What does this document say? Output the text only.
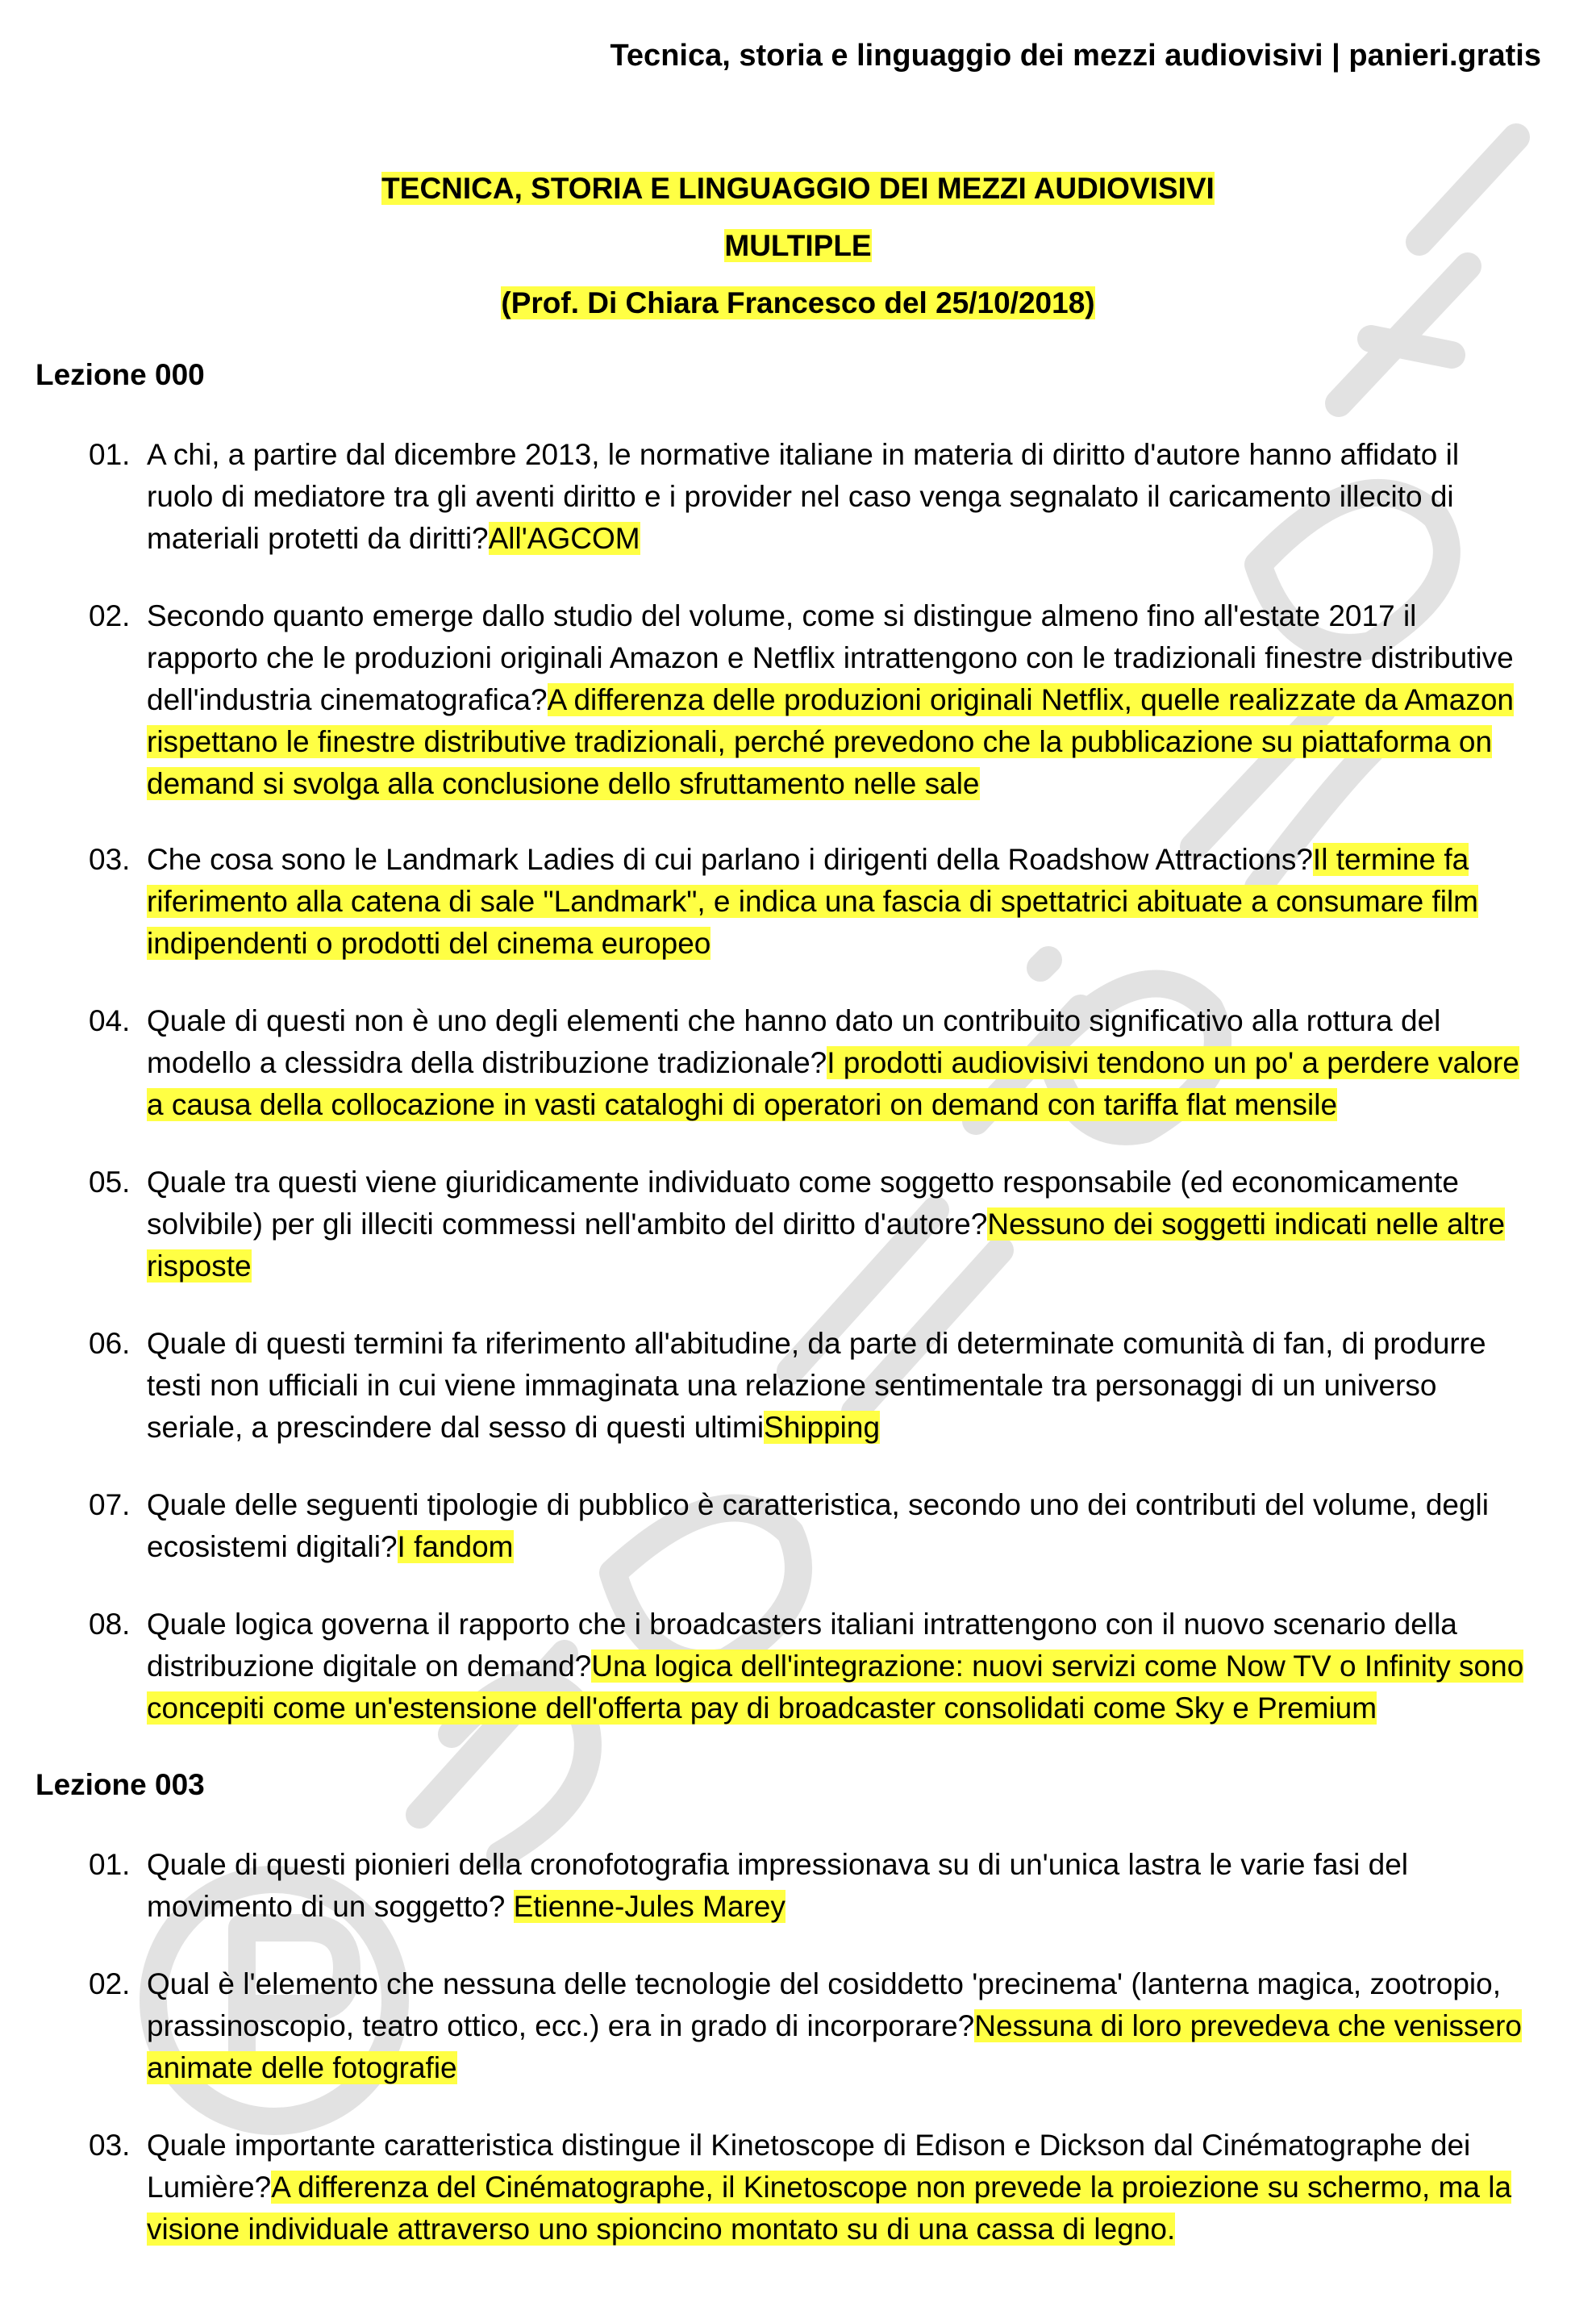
Tecnica, storia e linguaggio dei mezzi audiovisivi | panieri.gratis
TECNICA, STORIA E LINGUAGGIO DEI MEZZI AUDIOVISIVI
MULTIPLE
(Prof. Di Chiara Francesco del 25/10/2018)
Lezione 000
01. A chi, a partire dal dicembre 2013, le normative italiane in materia di diritto d'autore hanno affidato il ruolo di mediatore tra gli aventi diritto e i provider nel caso venga segnalato il caricamento illecito di materiali protetti da diritti?All'AGCOM
02. Secondo quanto emerge dallo studio del volume, come si distingue almeno fino all'estate 2017 il rapporto che le produzioni originali Amazon e Netflix intrattengono con le tradizionali finestre distributive dell'industria cinematografica?A differenza delle produzioni originali Netflix, quelle realizzate da Amazon rispettano le finestre distributive tradizionali, perché prevedono che la pubblicazione su piattaforma on demand si svolga alla conclusione dello sfruttamento nelle sale
03. Che cosa sono le Landmark Ladies di cui parlano i dirigenti della Roadshow Attractions?Il termine fa riferimento alla catena di sale "Landmark", e indica una fascia di spettatrici abituate a consumare film indipendenti o prodotti del cinema europeo
04. Quale di questi non è uno degli elementi che hanno dato un contribuito significativo alla rottura del modello a clessidra della distribuzione tradizionale?I prodotti audiovisivi tendono un po' a perdere valore a causa della collocazione in vasti cataloghi di operatori on demand con tariffa flat mensile
05. Quale tra questi viene giuridicamente individuato come soggetto responsabile (ed economicamente solvibile) per gli illeciti commessi nell'ambito del diritto d'autore?Nessuno dei soggetti indicati nelle altre risposte
06. Quale di questi termini fa riferimento all'abitudine, da parte di determinate comunità di fan, di produrre testi non ufficiali in cui viene immaginata una relazione sentimentale tra personaggi di un universo seriale, a prescindere dal sesso di questi ultimiShipping
07. Quale delle seguenti tipologie di pubblico è caratteristica, secondo uno dei contributi del volume, degli ecosistemi digitali?I fandom
08. Quale logica governa il rapporto che i broadcasters italiani intrattengono con il nuovo scenario della distribuzione digitale on demand?Una logica dell'integrazione: nuovi servizi come Now TV o Infinity sono concepiti come un'estensione dell'offerta pay di broadcaster consolidati come Sky e Premium
Lezione 003
01. Quale di questi pionieri della cronofotografia impressionava su di un'unica lastra le varie fasi del movimento di un soggetto? Etienne-Jules Marey
02. Qual è l'elemento che nessuna delle tecnologie del cosiddetto 'precinema' (lanterna magica, zootropio, prassinoscopio, teatro ottico, ecc.) era in grado di incorporare?Nessuna di loro prevedeva che venissero animate delle fotografie
03. Quale importante caratteristica distingue il Kinetoscope di Edison e Dickson dal Cinématographe dei Lumière?A differenza del Cinématographe, il Kinetoscope non prevede la proiezione su schermo, ma la visione individuale attraverso uno spioncino montato su di una cassa di legno.
